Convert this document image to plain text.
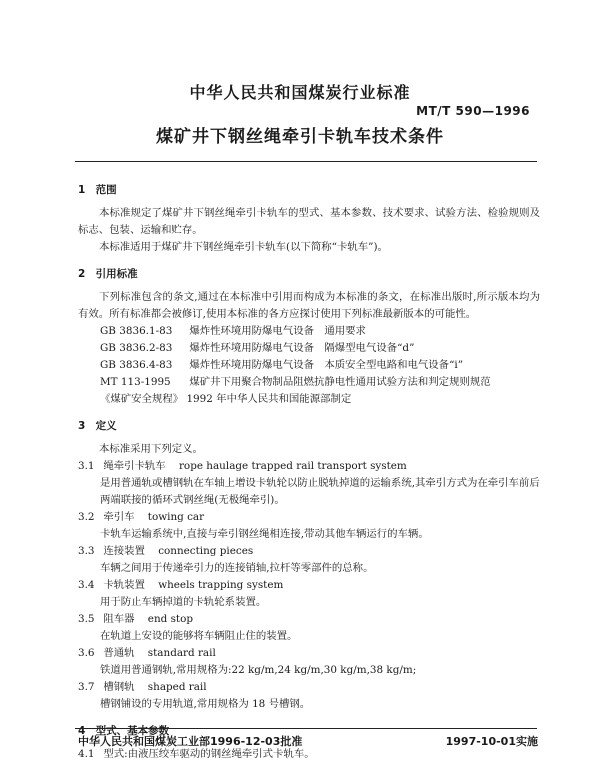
中华人民共和国煤炭行业标准
MT/T 590—1996
煤矿井下钢丝绳牵引卡轨车技术条件
1 范围
本标准规定了煤矿井下钢丝绳牵引卡轨车的型式、基本参数、技术要求、试验方法、检验规则及标志、包装、运输和贮存。
本标准适用于煤矿井下钢丝绳牵引卡轨车(以下简称“卡轨车”)。
2 引用标准
下列标准包含的条文,通过在本标准中引用而构成为本标准的条文，在标准出版时,所示版本均为有效。所有标准都会被修订,使用本标准的各方应探讨使用下列标准最新版本的可能性。
GB 3836.1-83 爆炸性环境用防爆电气设备　通用要求
GB 3836.2-83 爆炸性环境用防爆电气设备　隔爆型电气设备“d”
GB 3836.4-83 爆炸性环境用防爆电气设备　本质安全型电路和电气设备“i”
MT 113-1995 煤矿井下用聚合物制品阻燃抗静电性通用试验方法和判定规则规范
《煤矿安全规程》 1992 年中华人民共和国能源部制定
3 定义
本标准采用下列定义。
3.1 绳牵引卡轨车 rope haulage trapped rail transport system
是用普通轨或槽钢轨在车轴上增设卡轨轮以防止脱轨掉道的运输系统,其牵引方式为在牵引车前后两端联接的循环式钢丝绳(无极绳牵引)。
3.2 牵引车 towing car
卡轨车运输系统中,直接与牵引钢丝绳相连接,带动其他车辆运行的车辆。
3.3 连接装置 connecting pieces
车辆之间用于传递牵引力的连接销轴,拉杆等零部件的总称。
3.4 卡轨装置 wheels trapping system
用于防止车辆掉道的卡轨轮系装置。
3.5 阻车器 end stop
在轨道上安设的能够将车辆阻止住的装置。
3.6 普通轨 standard rail
铁道用普通钢轨,常用规格为:22 kg/m,24 kg/m,30 kg/m,38 kg/m;
3.7 槽钢轨 shaped rail
槽钢铺设的专用轨道,常用规格为 18 号槽钢。
4 型式、基本参数
4.1 型式:由液压绞车驱动的钢丝绳牵引式卡轨车。
中华人民共和国煤炭工业部1996-12-03批准	1997-10-01实施
